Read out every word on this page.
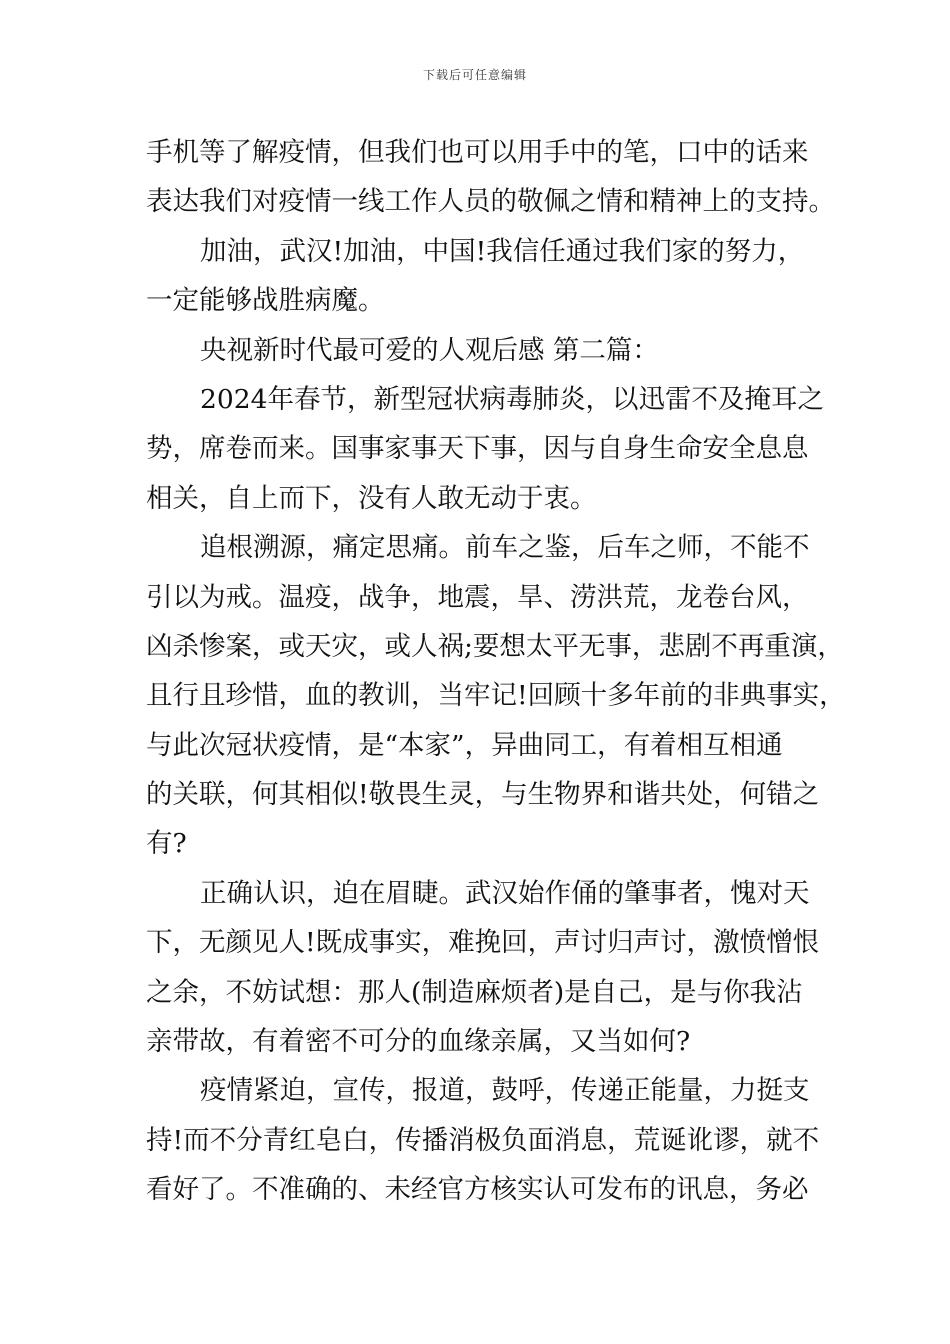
下载后可任意编辑
手机等了解疫情，但我们也可以用手中的笔，口中的话来
表达我们对疫情一线工作人员的敬佩之情和精神上的支持。
加油，武汉!加油，中国!我信任通过我们家的努力，
一定能够战胜病魔。
央视新时代最可爱的人观后感 第二篇：
2024年春节，新型冠状病毒肺炎，以迅雷不及掩耳之
势，席卷而来。国事家事天下事，因与自身生命安全息息
相关，自上而下，没有人敢无动于衷。
追根溯源，痛定思痛。前车之鉴，后车之师，不能不
引以为戒。温疫，战争，地震，旱、涝洪荒，龙卷台风，
凶杀惨案，或天灾，或人祸;要想太平无事，悲剧不再重演，
且行且珍惜，血的教训，当牢记!回顾十多年前的非典事实，
与此次冠状疫情，是“本家”，异曲同工，有着相互相通
的关联，何其相似!敬畏生灵，与生物界和谐共处，何错之
有?
正确认识，迫在眉睫。武汉始作俑的肇事者，愧对天
下，无颜见人!既成事实，难挽回，声讨归声讨，激愤憎恨
之余，不妨试想：那人(制造麻烦者)是自己，是与你我沾
亲带故，有着密不可分的血缘亲属，又当如何?
疫情紧迫，宣传，报道，鼓呼，传递正能量，力挺支
持!而不分青红皂白，传播消极负面消息，荒诞讹谬，就不
看好了。不准确的、未经官方核实认可发布的讯息，务必
